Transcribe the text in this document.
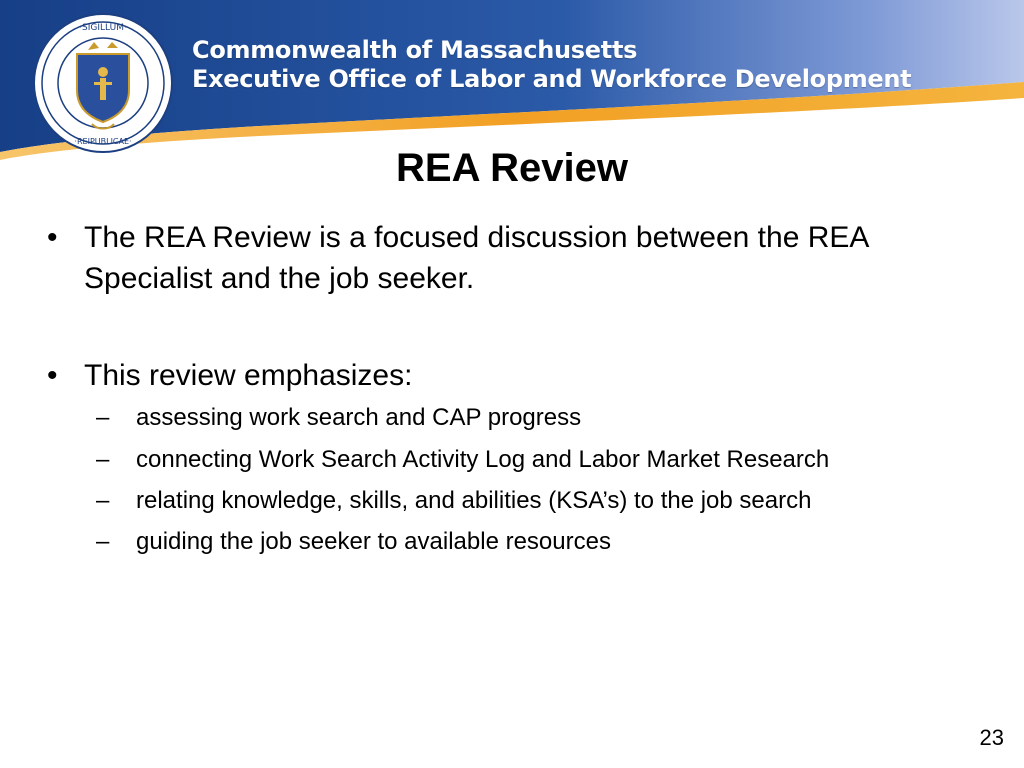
·SIGILLUM·
·REIPUBLICAE·
Commonwealth of Massachusetts
Executive Office of Labor and Workforce Development
REA Review
• The REA Review is a focused discussion between the REA Specialist and the job seeker.
• This review emphasizes:
– assessing work search and CAP progress
– connecting Work Search Activity Log and Labor Market Research
– relating knowledge, skills, and abilities (KSA’s) to the job search
– guiding the job seeker to available resources
23
